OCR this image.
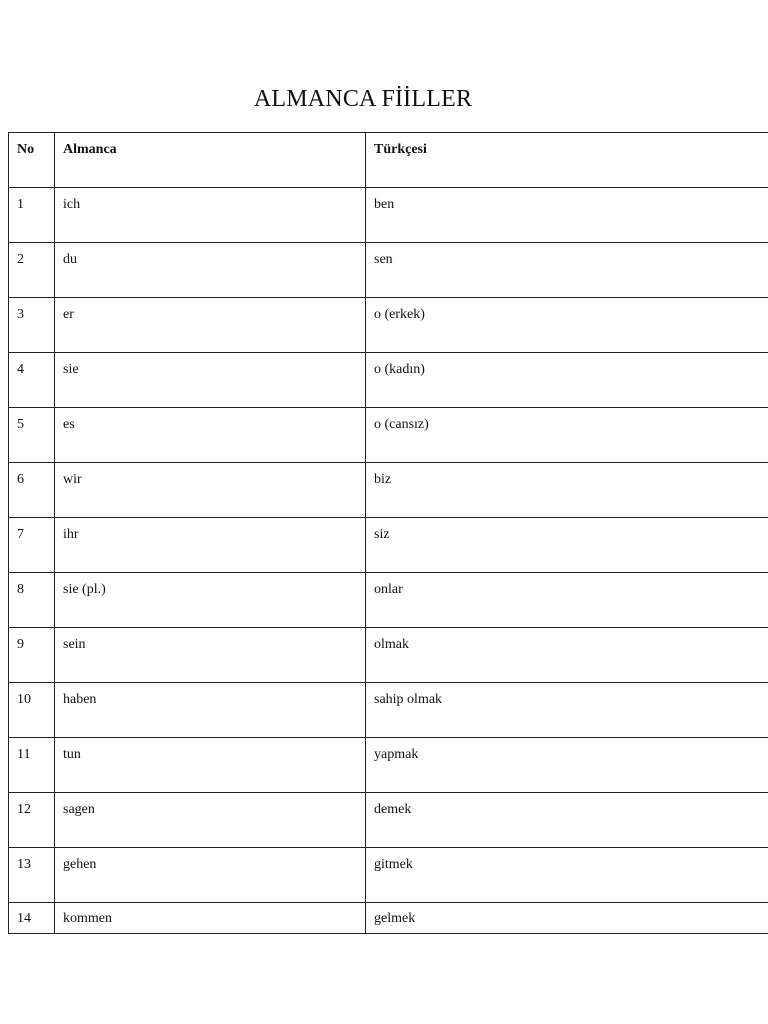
ALMANCA FİİLLER
No	Almanca	Türkçesi
1	ich	ben
2	du	sen
3	er	o (erkek)
4	sie	o (kadın)
5	es	o (cansız)
6	wir	biz
7	ihr	siz
8	sie (pl.)	onlar
9	sein	olmak
10	haben	sahip olmak
11	tun	yapmak
12	sagen	demek
13	gehen	gitmek
14	kommen	gelmek
